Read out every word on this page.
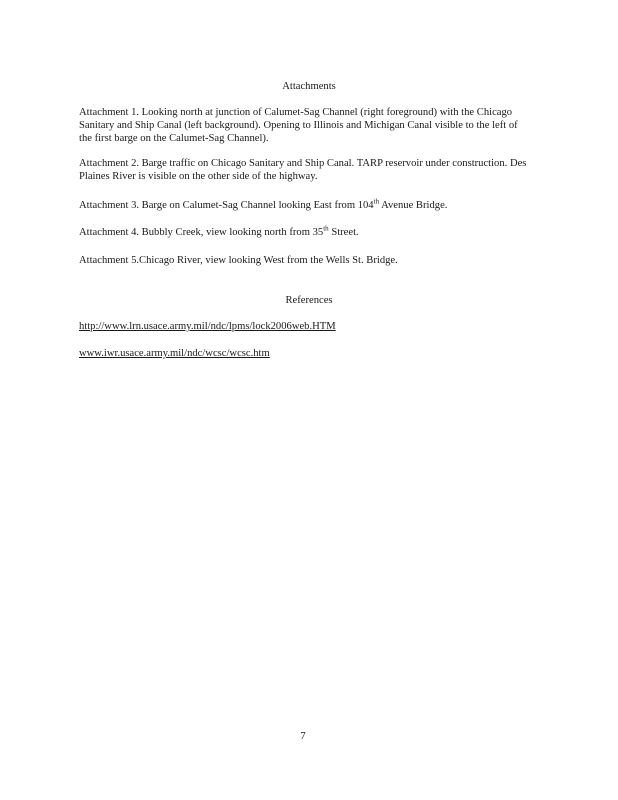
Attachments

Attachment 1. Looking north at junction of Calumet-Sag Channel (right foreground) with the Chicago Sanitary and Ship Canal (left background). Opening to Illinois and Michigan Canal visible to the left of the first barge on the Calumet-Sag Channel).

Attachment 2. Barge traffic on Chicago Sanitary and Ship Canal. TARP reservoir under construction. Des Plaines River is visible on the other side of the highway.

Attachment 3. Barge on Calumet-Sag Channel looking East from 104th Avenue Bridge.

Attachment 4. Bubbly Creek, view looking north from 35th Street.

Attachment 5.Chicago River, view looking West from the Wells St. Bridge.

References
http://www.lrn.usace.army.mil/ndc/lpms/lock2006web.HTM
www.iwr.usace.army.mil/ndc/wcsc/wcsc.htm
7
